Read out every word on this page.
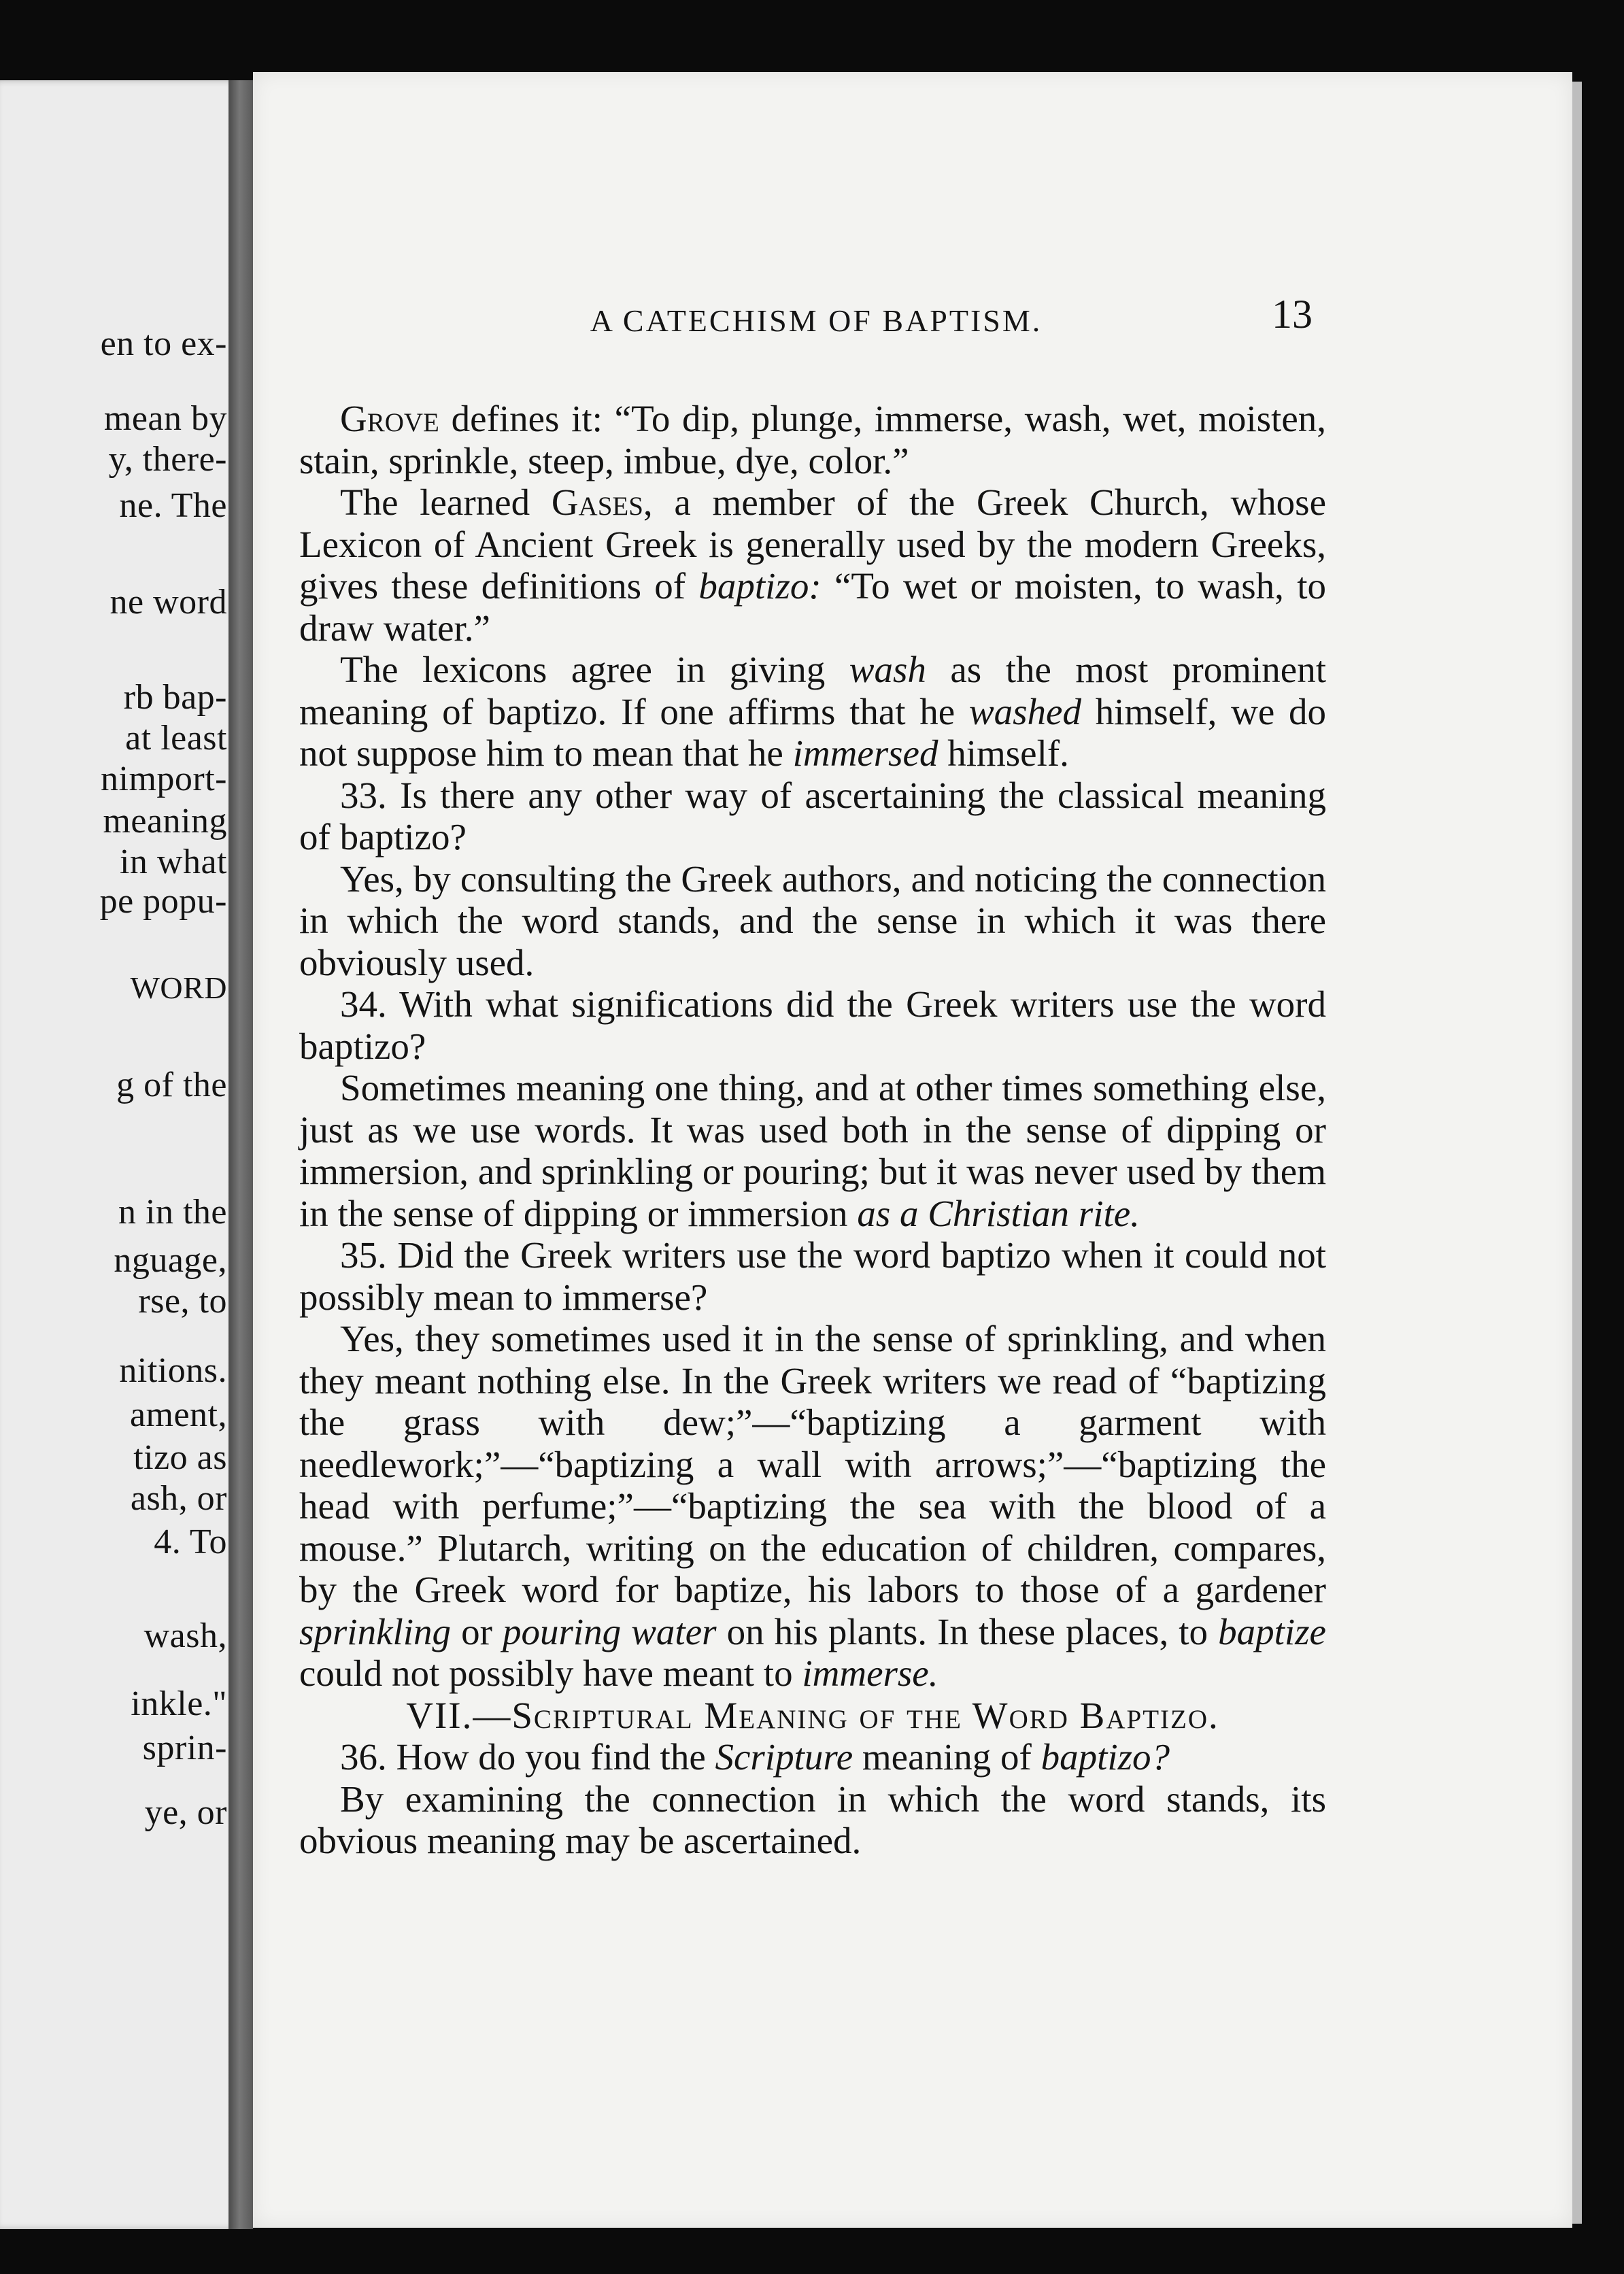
en to ex-
mean by
y, there-
ne. The
ne word
rb bap-
at least
nimport-
meaning
in what
pe popu-
WORD
g of the
n in the
nguage,
rse, to
nitions.
ament,
tizo as
ash, or
4. To
wash,
inkle."
sprin-
ye, or
A CATECHISM OF BAPTISM.	13

Grove defines it: “To dip, plunge, immerse, wash, wet, moisten, stain, sprinkle, steep, imbue, dye, color.”

The learned Gases, a member of the Greek Church, whose Lexicon of Ancient Greek is generally used by the modern Greeks, gives these definitions of baptizo: “To wet or moisten, to wash, to draw water.”

The lexicons agree in giving wash as the most prominent meaning of baptizo. If one affirms that he washed himself, we do not suppose him to mean that he immersed himself.

33. Is there any other way of ascertaining the classical meaning of baptizo?

Yes, by consulting the Greek authors, and noticing the connection in which the word stands, and the sense in which it was there obviously used.

34. With what significations did the Greek writers use the word baptizo?

Sometimes meaning one thing, and at other times something else, just as we use words. It was used both in the sense of dipping or immersion, and sprinkling or pouring; but it was never used by them in the sense of dipping or immersion as a Christian rite.

35. Did the Greek writers use the word baptizo when it could not possibly mean to immerse?

Yes, they sometimes used it in the sense of sprinkling, and when they meant nothing else. In the Greek writers we read of “baptizing the grass with dew;”—“baptizing a garment with needlework;”—“baptizing a wall with arrows;”—“baptizing the head with perfume;”—“baptizing the sea with the blood of a mouse.” Plutarch, writing on the education of children, compares, by the Greek word for baptize, his labors to those of a gardener sprinkling or pouring water on his plants. In these places, to baptize could not possibly have meant to immerse.

VII.—Scriptural Meaning of the Word Baptizo.

36. How do you find the Scripture meaning of baptizo?

By examining the connection in which the word stands, its obvious meaning may be ascertained.
